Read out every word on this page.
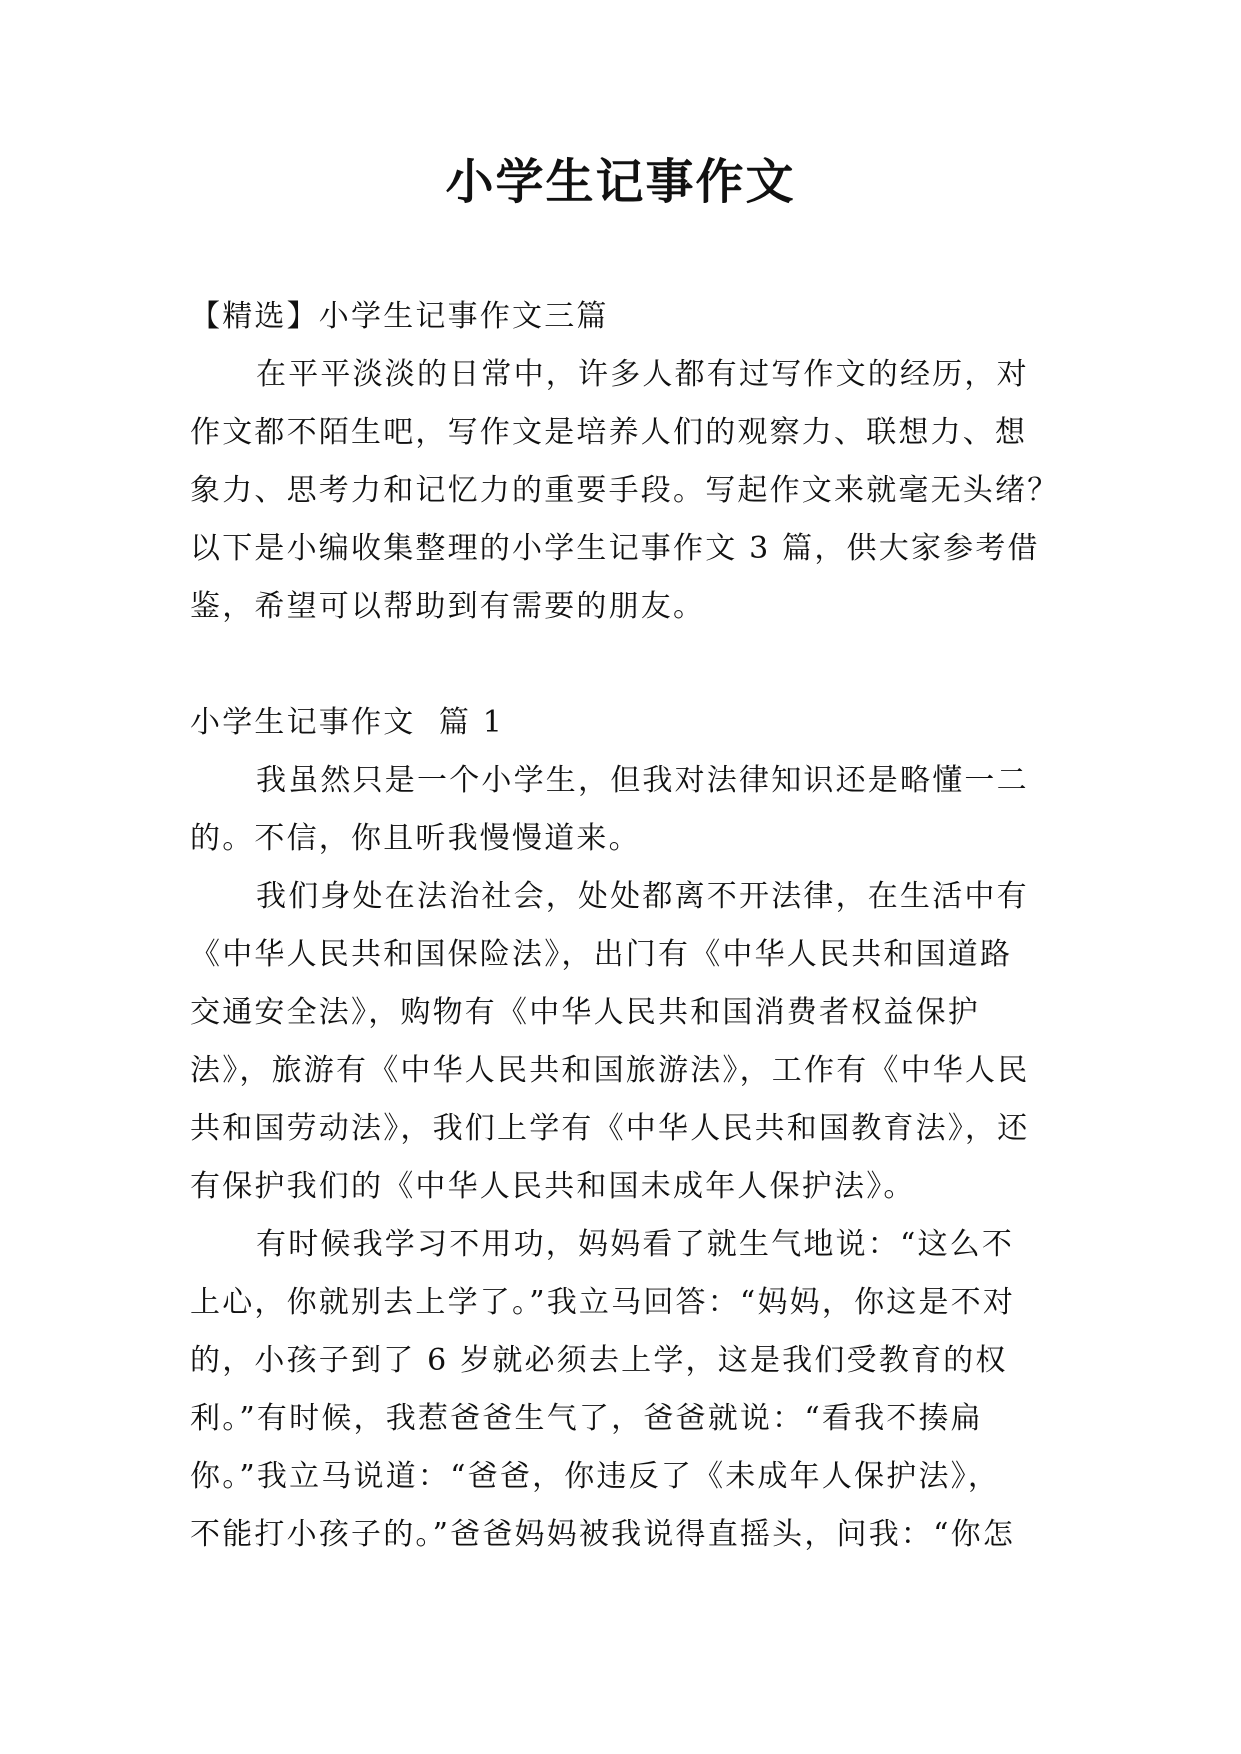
小学生记事作文

【精选】小学生记事作文三篇

在平平淡淡的日常中，许多人都有过写作文的经历，对

作文都不陌生吧，写作文是培养人们的观察力、联想力、想

象力、思考力和记忆力的重要手段。写起作文来就毫无头绪？

以下是小编收集整理的小学生记事作文 3 篇，供大家参考借

鉴，希望可以帮助到有需要的朋友。

小学生记事作文  篇 1

我虽然只是一个小学生，但我对法律知识还是略懂一二

的。不信，你且听我慢慢道来。

我们身处在法治社会，处处都离不开法律，在生活中有

《中华人民共和国保险法》，出门有《中华人民共和国道路

交通安全法》，购物有《中华人民共和国消费者权益保护

法》，旅游有《中华人民共和国旅游法》，工作有《中华人民

共和国劳动法》，我们上学有《中华人民共和国教育法》，还

有保护我们的《中华人民共和国未成年人保护法》。

有时候我学习不用功，妈妈看了就生气地说：“这么不

上心，你就别去上学了。”我立马回答：“妈妈，你这是不对

的，小孩子到了 6 岁就必须去上学，这是我们受教育的权

利。”有时候，我惹爸爸生气了，爸爸就说：“看我不揍扁

你。”我立马说道：“爸爸，你违反了《未成年人保护法》，

不能打小孩子的。”爸爸妈妈被我说得直摇头，问我：“你怎
